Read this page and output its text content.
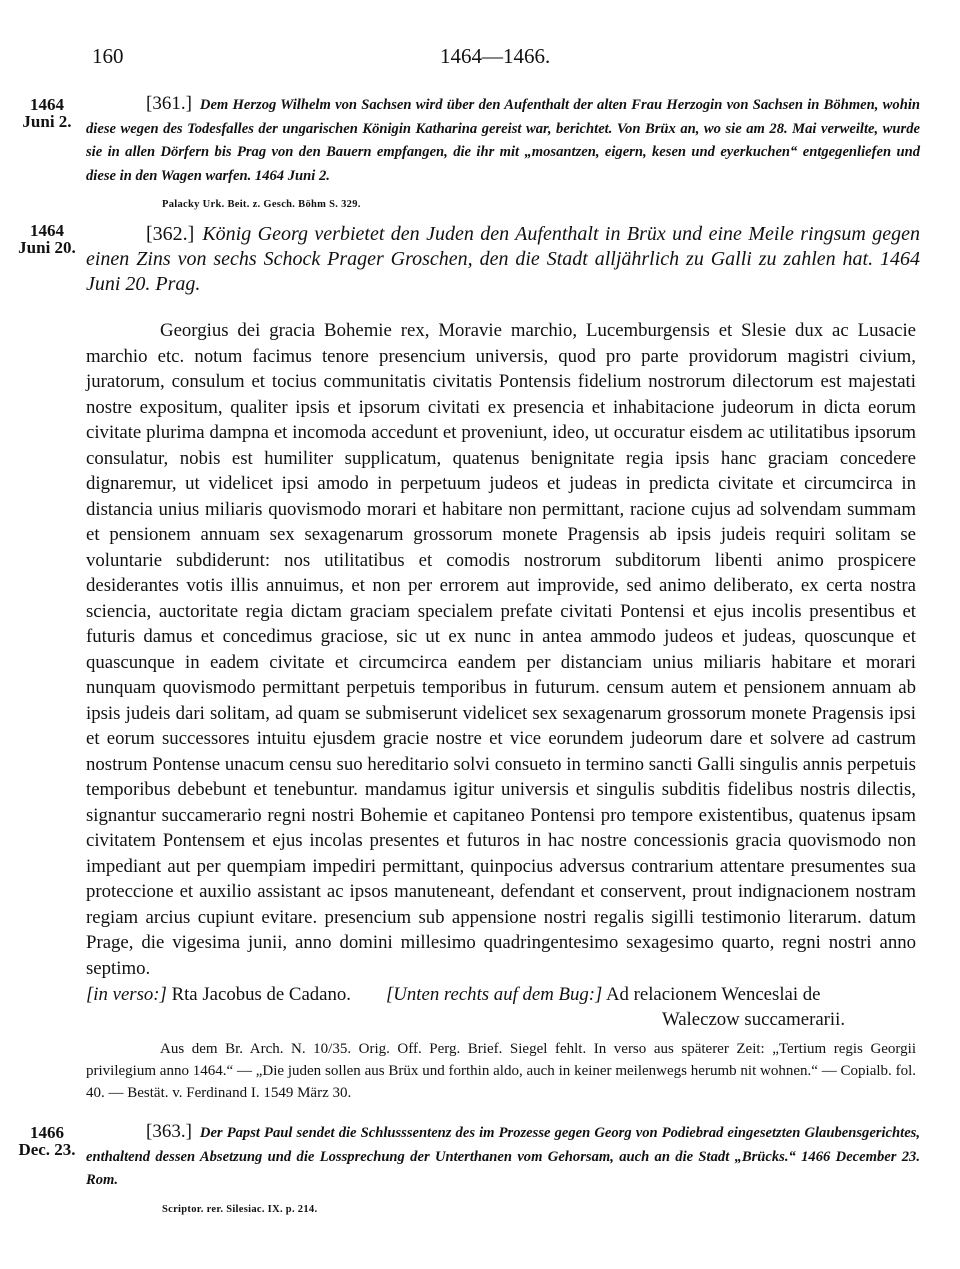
160	1464—1466.
1464
Juni 2.
[361.] Dem Herzog Wilhelm von Sachsen wird über den Aufenthalt der alten Frau Herzogin von Sachsen in Böhmen, wohin diese wegen des Todesfalles der ungarischen Königin Katharina gereist war, berichtet. Von Brüx an, wo sie am 28. Mai verweilte, wurde sie in allen Dörfern bis Prag von den Bauern empfangen, die ihr mit „mosantzen, eigern, kesen und eyerkuchen“ entgegenliefen und diese in den Wagen warfen. 1464 Juni 2.
Palacky Urk. Beit. z. Gesch. Böhm S. 329.
1464
Juni 20.
[362.] König Georg verbietet den Juden den Aufenthalt in Brüx und eine Meile ringsum gegen einen Zins von sechs Schock Prager Groschen, den die Stadt alljährlich zu Galli zu zahlen hat. 1464 Juni 20. Prag.

Georgius dei gracia Bohemie rex, Moravie marchio, Lucemburgensis et Slesie dux ac Lusacie marchio etc. notum facimus tenore presencium universis, quod pro parte providorum magistri civium, juratorum, consulum et tocius communitatis civitatis Pontensis fidelium nostrorum dilectorum est majestati nostre expositum, qualiter ipsis et ipsorum civitati ex presencia et inhabitacione judeorum in dicta eorum civitate plurima dampna et incomoda accedunt et proveniunt, ideo, ut occuratur eisdem ac utilitatibus ipsorum consulatur, nobis est humiliter supplicatum, quatenus benignitate regia ipsis hanc graciam concedere dignaremur, ut videlicet ipsi amodo in perpetuum judeos et judeas in predicta civitate et circumcirca in distancia unius miliaris quovismodo morari et habitare non permittant, racione cujus ad solvendam summam et pensionem annuam sex sexagenarum grossorum monete Pragensis ab ipsis judeis requiri solitam se voluntarie subdiderunt: nos utilitatibus et comodis nostrorum subditorum libenti animo prospicere desiderantes votis illis annuimus, et non per errorem aut improvide, sed animo deliberato, ex certa nostra sciencia, auctoritate regia dictam graciam specialem prefate civitati Pontensi et ejus incolis presentibus et futuris damus et concedimus graciose, sic ut ex nunc in antea ammodo judeos et judeas, quoscunque et quascunque in eadem civitate et circumcirca eandem per distanciam unius miliaris habitare et morari nunquam quovismodo permittant perpetuis temporibus in futurum. censum autem et pensionem annuam ab ipsis judeis dari solitam, ad quam se submiserunt videlicet sex sexagenarum grossorum monete Pragensis ipsi et eorum successores intuitu ejusdem gracie nostre et vice eorundem judeorum dare et solvere ad castrum nostrum Pontense unacum censu suo hereditario solvi consueto in termino sancti Galli singulis annis perpetuis temporibus debebunt et tenebuntur. mandamus igitur universis et singulis subditis fidelibus nostris dilectis, signantur succamerario regni nostri Bohemie et capitaneo Pontensi pro tempore existentibus, quatenus ipsam civitatem Pontensem et ejus incolas presentes et futuros in hac nostre concessionis gracia quovismodo non impediant aut per quempiam impediri permittant, quinpocius adversus contrarium attentare presumentes sua proteccione et auxilio assistant ac ipsos manuteneant, defendant et conservent, prout indignacionem nostram regiam arcius cupiunt evitare. presencium sub appensione nostri regalis sigilli testimonio literarum. datum Prage, die vigesima junii, anno domini millesimo quadringentesimo sexagesimo quarto, regni nostri anno septimo.

[in verso:] Rta Jacobus de Cadano. [Unten rechts auf dem Bug:] Ad relacionem Wenceslai de
Waleczow succamerarii.

Aus dem Br. Arch. N. 10/35. Orig. Off. Perg. Brief. Siegel fehlt. In verso aus späterer Zeit: „Tertium regis Georgii privilegium anno 1464.“ — „Die juden sollen aus Brüx und forthin aldo, auch in keiner meilenwegs herumb nit wohnen.“ — Copialb. fol. 40. — Bestät. v. Ferdinand I. 1549 März 30.

1466
Dec. 23.
[363.] Der Papst Paul sendet die Schlusssentenz des im Prozesse gegen Georg von Podiebrad eingesetzten Glaubensgerichtes, enthaltend dessen Absetzung und die Lossprechung der Unterthanen vom Gehorsam, auch an die Stadt „Brücks.“ 1466 December 23. Rom.
Scriptor. rer. Silesiac. IX. p. 214.
